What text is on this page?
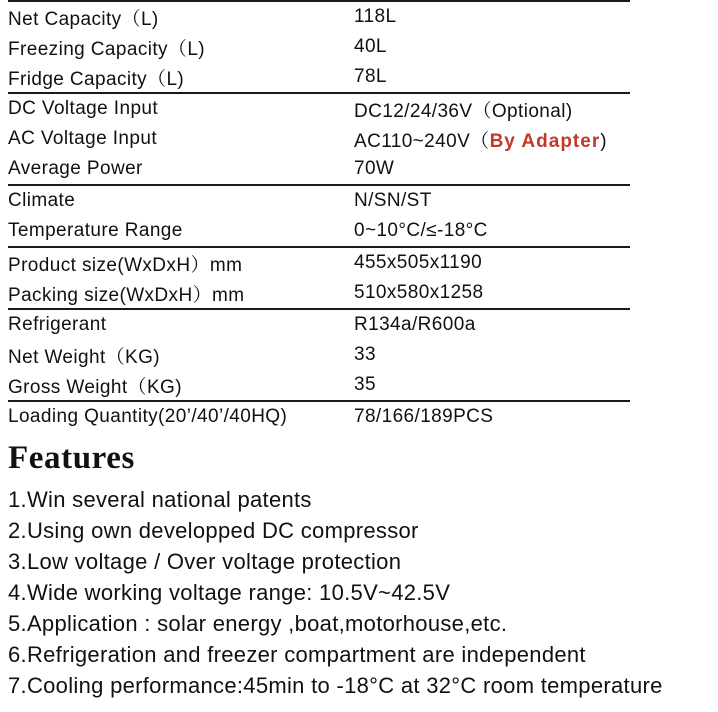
Net Capacity（L)	118L
Freezing Capacity（L)	40L
Fridge Capacity（L)	78L
DC Voltage Input	DC12/24/36V（Optional)
AC Voltage Input	AC110~240V（By Adapter)
Average Power	70W
Climate	N/SN/ST
Temperature Range	0~10°C/≤-18°C
Product size(WxDxH）mm	455x505x1190
Packing size(WxDxH）mm	510x580x1258
Refrigerant	R134a/R600a
Net Weight（KG)	33
Gross Weight（KG)	35
Loading Quantity(20’/40’/40HQ)	78/166/189PCS
Features
1.Win several national patents
2.Using own developped DC compressor
3.Low voltage / Over voltage protection
4.Wide working voltage range: 10.5V~42.5V
5.Application : solar energy ,boat,motorhouse,etc.
6.Refrigeration and freezer compartment are independent
7.Cooling performance:45min to -18°C at 32°C room temperature
